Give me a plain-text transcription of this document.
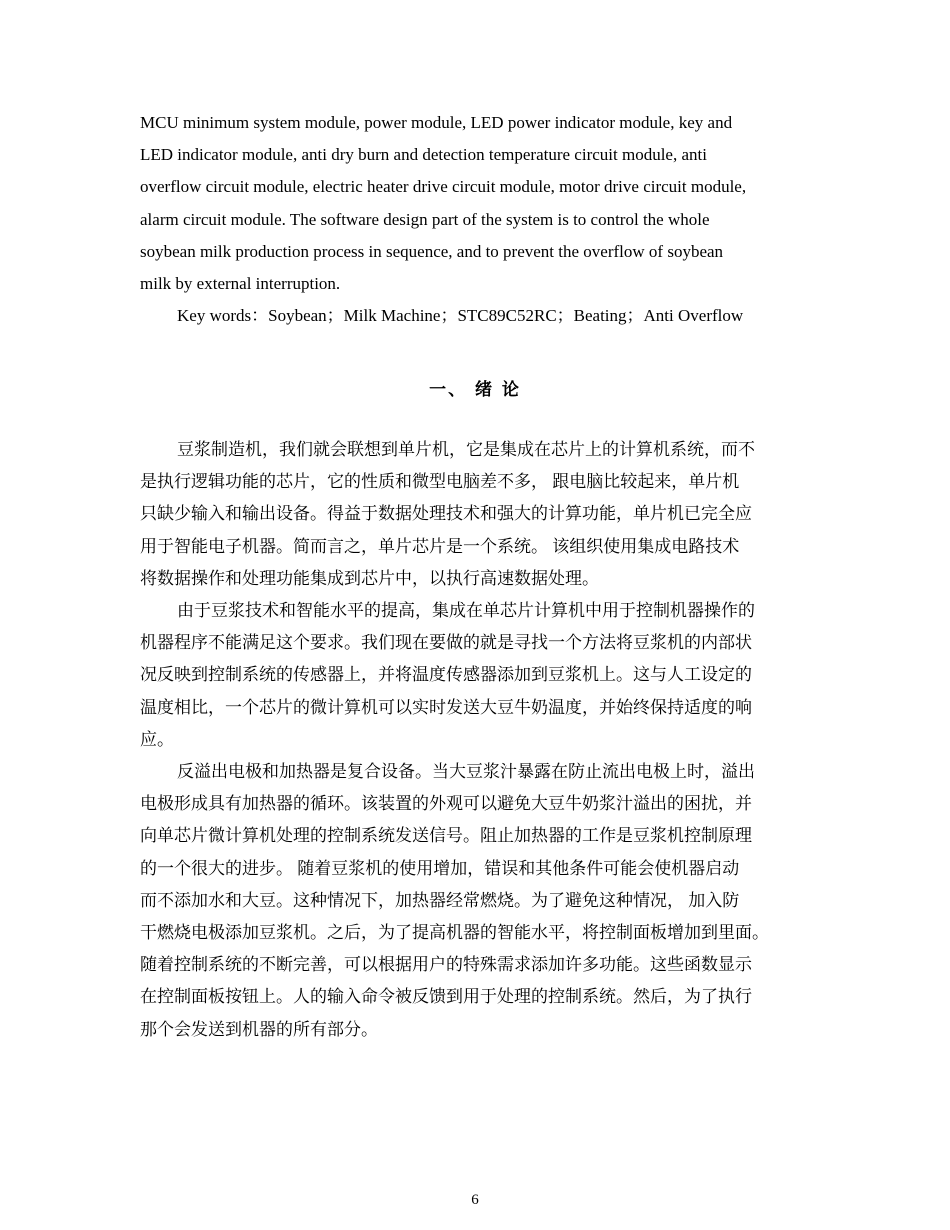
MCU minimum system module, power module, LED power indicator module, key and
LED indicator module, anti dry burn and detection temperature circuit module, anti
overflow circuit module, electric heater drive circuit module, motor drive circuit module,
alarm circuit module. The software design part of the system is to control the whole
soybean milk production process in sequence, and to prevent the overflow of soybean
milk by external interruption.
Key words：Soybean；Milk Machine；STC89C52RC；Beating；Anti Overflow
一、 绪 论
豆浆制造机，我们就会联想到单片机，它是集成在芯片上的计算机系统，而不
是执行逻辑功能的芯片，它的性质和微型电脑差不多， 跟电脑比较起来，单片机
只缺少输入和输出设备。得益于数据处理技术和强大的计算功能，单片机已完全应
用于智能电子机器。简而言之，单片芯片是一个系统。 该组织使用集成电路技术
将数据操作和处理功能集成到芯片中，以执行高速数据处理。
由于豆浆技术和智能水平的提高，集成在单芯片计算机中用于控制机器操作的
机器程序不能满足这个要求。我们现在要做的就是寻找一个方法将豆浆机的内部状
况反映到控制系统的传感器上，并将温度传感器添加到豆浆机上。这与人工设定的
温度相比，一个芯片的微计算机可以实时发送大豆牛奶温度，并始终保持适度的响
应。
反溢出电极和加热器是复合设备。当大豆浆汁暴露在防止流出电极上时，溢出
电极形成具有加热器的循环。该装置的外观可以避免大豆牛奶浆汁溢出的困扰，并
向单芯片微计算机处理的控制系统发送信号。阻止加热器的工作是豆浆机控制原理
的一个很大的进步。 随着豆浆机的使用增加，错误和其他条件可能会使机器启动
而不添加水和大豆。这种情况下，加热器经常燃烧。为了避免这种情况， 加入防
干燃烧电极添加豆浆机。之后，为了提高机器的智能水平，将控制面板增加到里面。
随着控制系统的不断完善，可以根据用户的特殊需求添加许多功能。这些函数显示
在控制面板按钮上。人的输入命令被反馈到用于处理的控制系统。然后，为了执行
那个会发送到机器的所有部分。
6
